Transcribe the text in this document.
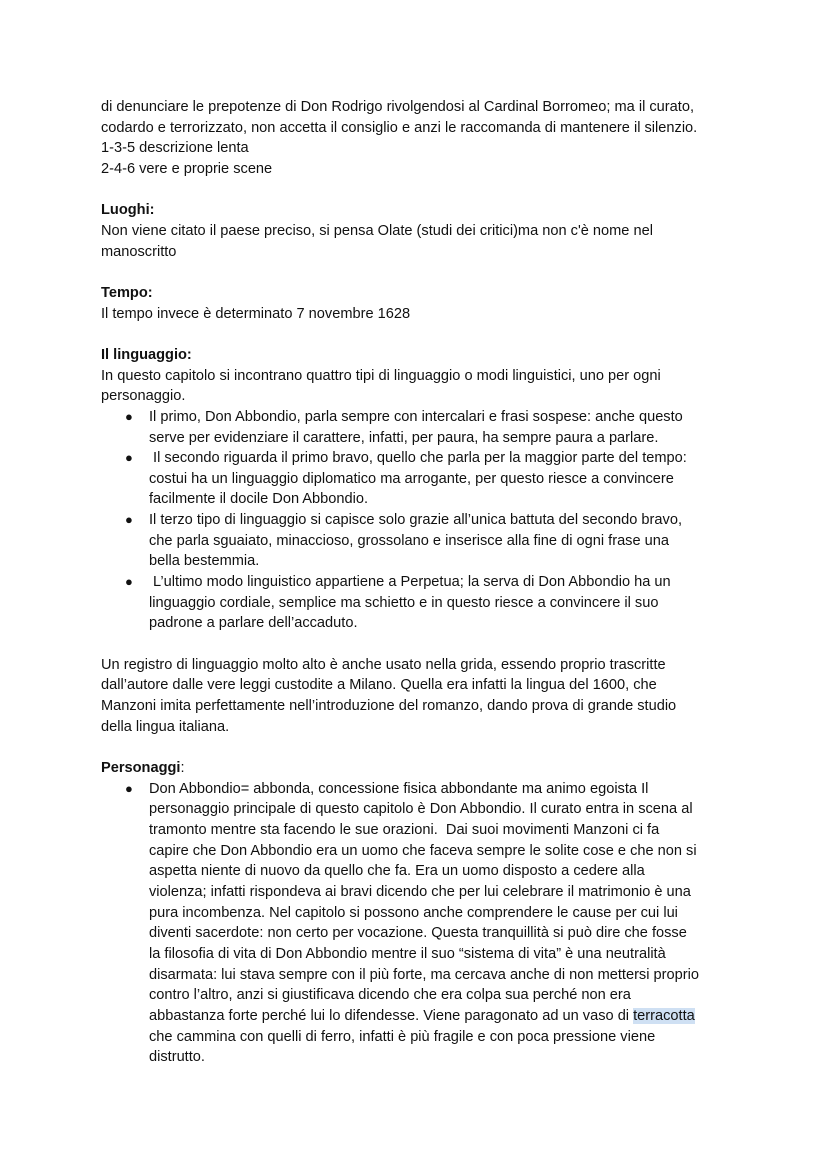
di denunciare le prepotenze di Don Rodrigo rivolgendosi al Cardinal Borromeo; ma il curato,
codardo e terrorizzato, non accetta il consiglio e anzi le raccomanda di mantenere il silenzio.
1-3-5 descrizione lenta
2-4-6 vere e proprie scene
Luoghi:
Non viene citato il paese preciso, si pensa Olate (studi dei critici)ma non c'è nome nel
manoscritto
Tempo:
Il tempo invece è determinato 7 novembre 1628
Il linguaggio:
In questo capitolo si incontrano quattro tipi di linguaggio o modi linguistici, uno per ogni
personaggio.
● Il primo, Don Abbondio, parla sempre con intercalari e frasi sospese: anche questo
serve per evidenziare il carattere, infatti, per paura, ha sempre paura a parlare.
● Il secondo riguarda il primo bravo, quello che parla per la maggior parte del tempo:
costui ha un linguaggio diplomatico ma arrogante, per questo riesce a convincere
facilmente il docile Don Abbondio.
● Il terzo tipo di linguaggio si capisce solo grazie all’unica battuta del secondo bravo,
che parla sguaiato, minaccioso, grossolano e inserisce alla fine di ogni frase una
bella bestemmia.
● L’ultimo modo linguistico appartiene a Perpetua; la serva di Don Abbondio ha un
linguaggio cordiale, semplice ma schietto e in questo riesce a convincere il suo
padrone a parlare dell’accaduto.
Un registro di linguaggio molto alto è anche usato nella grida, essendo proprio trascritte
dall’autore dalle vere leggi custodite a Milano. Quella era infatti la lingua del 1600, che
Manzoni imita perfettamente nell’introduzione del romanzo, dando prova di grande studio
della lingua italiana.
Personaggi:
● Don Abbondio= abbonda, concessione fisica abbondante ma animo egoista Il
personaggio principale di questo capitolo è Don Abbondio. Il curato entra in scena al
tramonto mentre sta facendo le sue orazioni.  Dai suoi movimenti Manzoni ci fa
capire che Don Abbondio era un uomo che faceva sempre le solite cose e che non si
aspetta niente di nuovo da quello che fa. Era un uomo disposto a cedere alla
violenza; infatti rispondeva ai bravi dicendo che per lui celebrare il matrimonio è una
pura incombenza. Nel capitolo si possono anche comprendere le cause per cui lui
diventi sacerdote: non certo per vocazione. Questa tranquillità si può dire che fosse
la filosofia di vita di Don Abbondio mentre il suo “sistema di vita” è una neutralità
disarmata: lui stava sempre con il più forte, ma cercava anche di non mettersi proprio
contro l’altro, anzi si giustificava dicendo che era colpa sua perché non era
abbastanza forte perché lui lo difendesse. Viene paragonato ad un vaso di terracotta
che cammina con quelli di ferro, infatti è più fragile e con poca pressione viene
distrutto.
